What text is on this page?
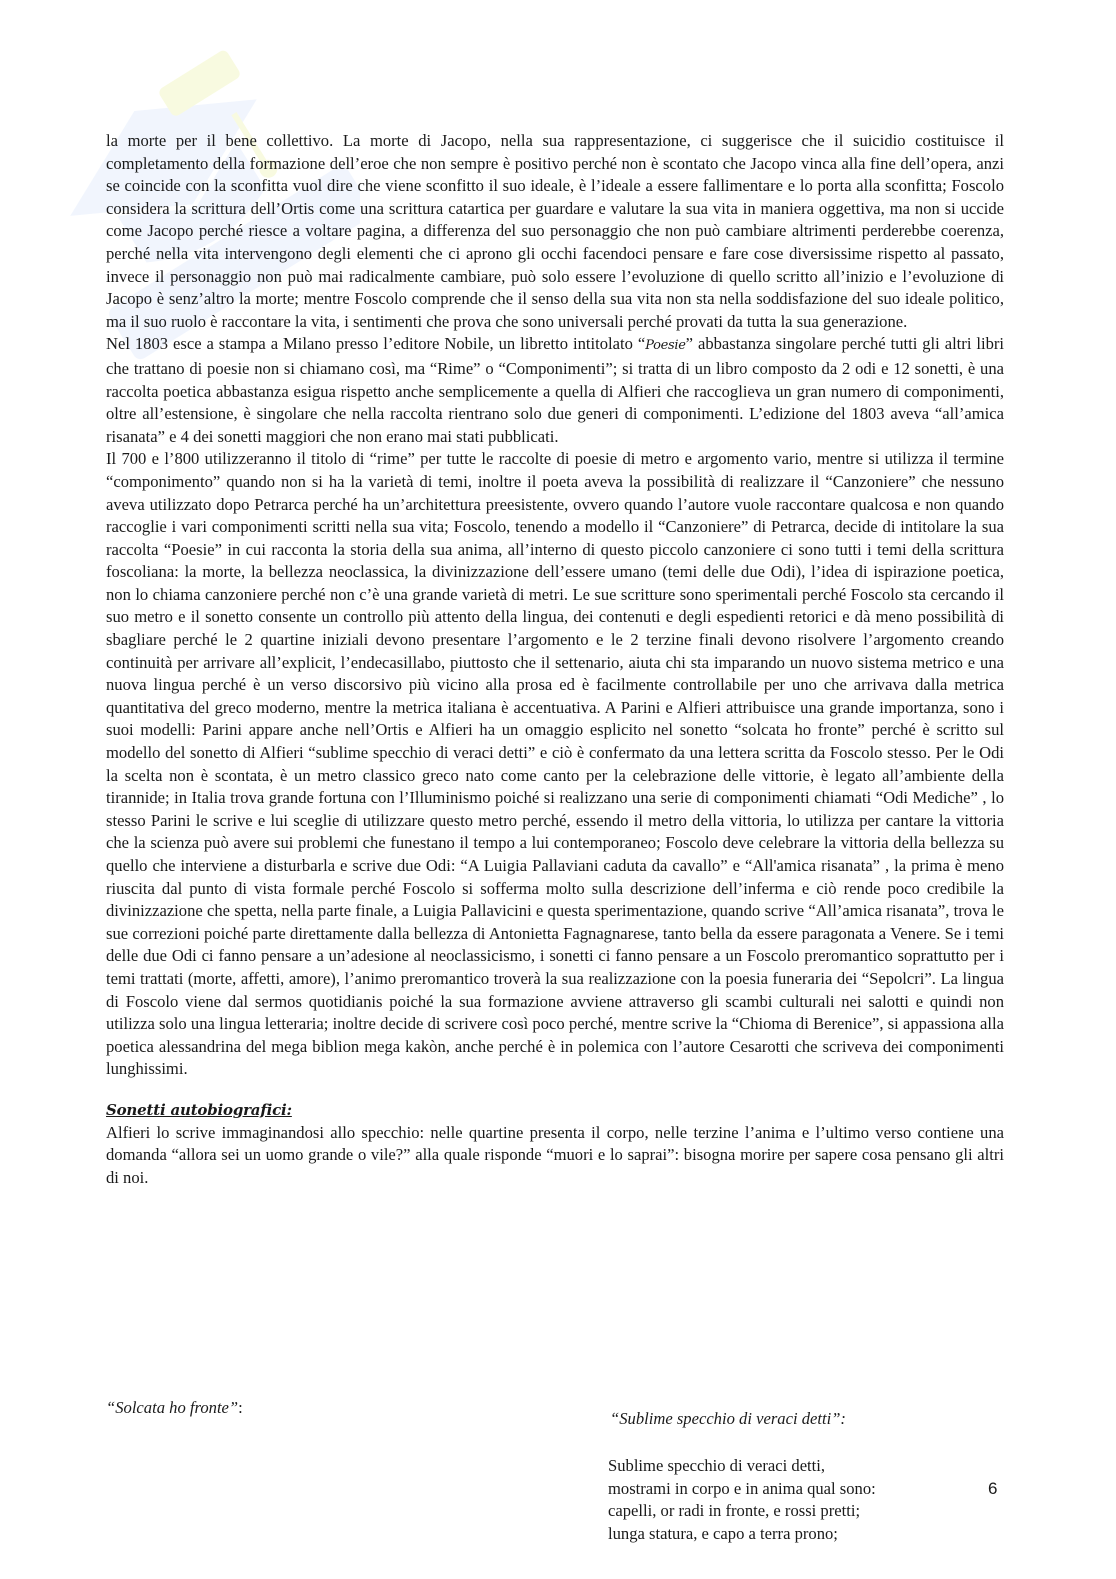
la morte per il bene collettivo. La morte di Jacopo, nella sua rappresentazione, ci suggerisce che il suicidio costituisce il completamento della formazione dell’eroe che non sempre è positivo perché non è scontato che Jacopo vinca alla fine dell’opera, anzi se coincide con la sconfitta vuol dire che viene sconfitto il suo ideale, è l’ideale a essere fallimentare e lo porta alla sconfitta; Foscolo considera la scrittura dell’Ortis come una scrittura catartica per guardare e valutare la sua vita in maniera oggettiva, ma non si uccide come Jacopo perché riesce a voltare pagina, a differenza del suo personaggio che non può cambiare altrimenti perderebbe coerenza, perché nella vita intervengono degli elementi che ci aprono gli occhi facendoci pensare e fare cose diversissime rispetto al passato, invece il personaggio non può mai radicalmente cambiare, può solo essere l’evoluzione di quello scritto all’inizio e l’evoluzione di Jacopo è senz’altro la morte; mentre Foscolo comprende che il senso della sua vita non sta nella soddisfazione del suo ideale politico, ma il suo ruolo è raccontare la vita, i sentimenti che prova che sono universali perché provati da tutta la sua generazione.

Nel 1803 esce a stampa a Milano presso l’editore Nobile, un libretto intitolato “Poesie” abbastanza singolare perché tutti gli altri libri che trattano di poesie non si chiamano così, ma “Rime” o “Componimenti”; si tratta di un libro composto da 2 odi e 12 sonetti, è una raccolta poetica abbastanza esigua rispetto anche semplicemente a quella di Alfieri che raccoglieva un gran numero di componimenti, oltre all’estensione, è singolare che nella raccolta rientrano solo due generi di componimenti. L’edizione del 1803 aveva “all’amica risanata” e 4 dei sonetti maggiori che non erano mai stati pubblicati.

Il 700 e l’800 utilizzeranno il titolo di “rime” per tutte le raccolte di poesie di metro e argomento vario, mentre si utilizza il termine “componimento” quando non si ha la varietà di temi, inoltre il poeta aveva la possibilità di realizzare il “Canzoniere” che nessuno aveva utilizzato dopo Petrarca perché ha un’architettura preesistente, ovvero quando l’autore vuole raccontare qualcosa e non quando raccoglie i vari componimenti scritti nella sua vita; Foscolo, tenendo a modello il “Canzoniere” di Petrarca, decide di intitolare la sua raccolta “Poesie” in cui racconta la storia della sua anima, all’interno di questo piccolo canzoniere ci sono tutti i temi della scrittura foscoliana: la morte, la bellezza neoclassica, la divinizzazione dell’essere umano (temi delle due Odi), l’idea di ispirazione poetica, non lo chiama canzoniere perché non c’è una grande varietà di metri. Le sue scritture sono sperimentali perché Foscolo sta cercando il suo metro e il sonetto consente un controllo più attento della lingua, dei contenuti e degli espedienti retorici e dà meno possibilità di sbagliare perché le 2 quartine iniziali devono presentare l’argomento e le 2 terzine finali devono risolvere l’argomento creando continuità per arrivare all’explicit, l’endecasillabo, piuttosto che il settenario, aiuta chi sta imparando un nuovo sistema metrico e una nuova lingua perché è un verso discorsivo più vicino alla prosa ed è facilmente controllabile per uno che arrivava dalla metrica quantitativa del greco moderno, mentre la metrica italiana è accentuativa. A Parini e Alfieri attribuisce una grande importanza, sono i suoi modelli: Parini appare anche nell’Ortis e Alfieri ha un omaggio esplicito nel sonetto “solcata ho fronte” perché è scritto sul modello del sonetto di Alfieri “sublime specchio di veraci detti” e ciò è confermato da una lettera scritta da Foscolo stesso. Per le Odi la scelta non è scontata, è un metro classico greco nato come canto per la celebrazione delle vittorie, è legato all’ambiente della tirannide; in Italia trova grande fortuna con l’Illuminismo poiché si realizzano una serie di componimenti chiamati “Odi Mediche” , lo stesso Parini le scrive e lui sceglie di utilizzare questo metro perché, essendo il metro della vittoria, lo utilizza per cantare la vittoria che la scienza può avere sui problemi che funestano il tempo a lui contemporaneo; Foscolo deve celebrare la vittoria della bellezza su quello che interviene a disturbarla e scrive due Odi: “A Luigia Pallaviani caduta da cavallo” e “All'amica risanata” , la prima è meno riuscita dal punto di vista formale perché Foscolo si sofferma molto sulla descrizione dell’inferma e ciò rende poco credibile la divinizzazione che spetta, nella parte finale, a Luigia Pallavicini e questa sperimentazione, quando scrive “All’amica risanata”, trova le sue correzioni poiché parte direttamente dalla bellezza di Antonietta Fagnagnarese, tanto bella da essere paragonata a Venere. Se i temi delle due Odi ci fanno pensare a un’adesione al neoclassicismo, i sonetti ci fanno pensare a un Foscolo preromantico soprattutto per i temi trattati (morte, affetti, amore), l’animo preromantico troverà la sua realizzazione con la poesia funeraria dei “Sepolcri”. La lingua di Foscolo viene dal sermos quotidianis poiché la sua formazione avviene attraverso gli scambi culturali nei salotti e quindi non utilizza solo una lingua letteraria; inoltre decide di scrivere così poco perché, mentre scrive la “Chioma di Berenice”, si appassiona alla poetica alessandrina del mega biblion mega kakòn, anche perché è in polemica con l’autore Cesarotti che scriveva dei componimenti lunghissimi.

Sonetti autobiografici:

Alfieri lo scrive immaginandosi allo specchio: nelle quartine presenta il corpo, nelle terzine l’anima e l’ultimo verso contiene una domanda “allora sei un uomo grande o vile?” alla quale risponde “muori e lo saprai”: bisogna morire per sapere cosa pensano gli altri di noi.

“Solcata ho fronte”:
“Sublime specchio di veraci detti”:
Sublime specchio di veraci detti,
mostrami in corpo e in anima qual sono:
capelli, or radi in fronte, e rossi pretti;
lunga statura, e capo a terra prono;
6
